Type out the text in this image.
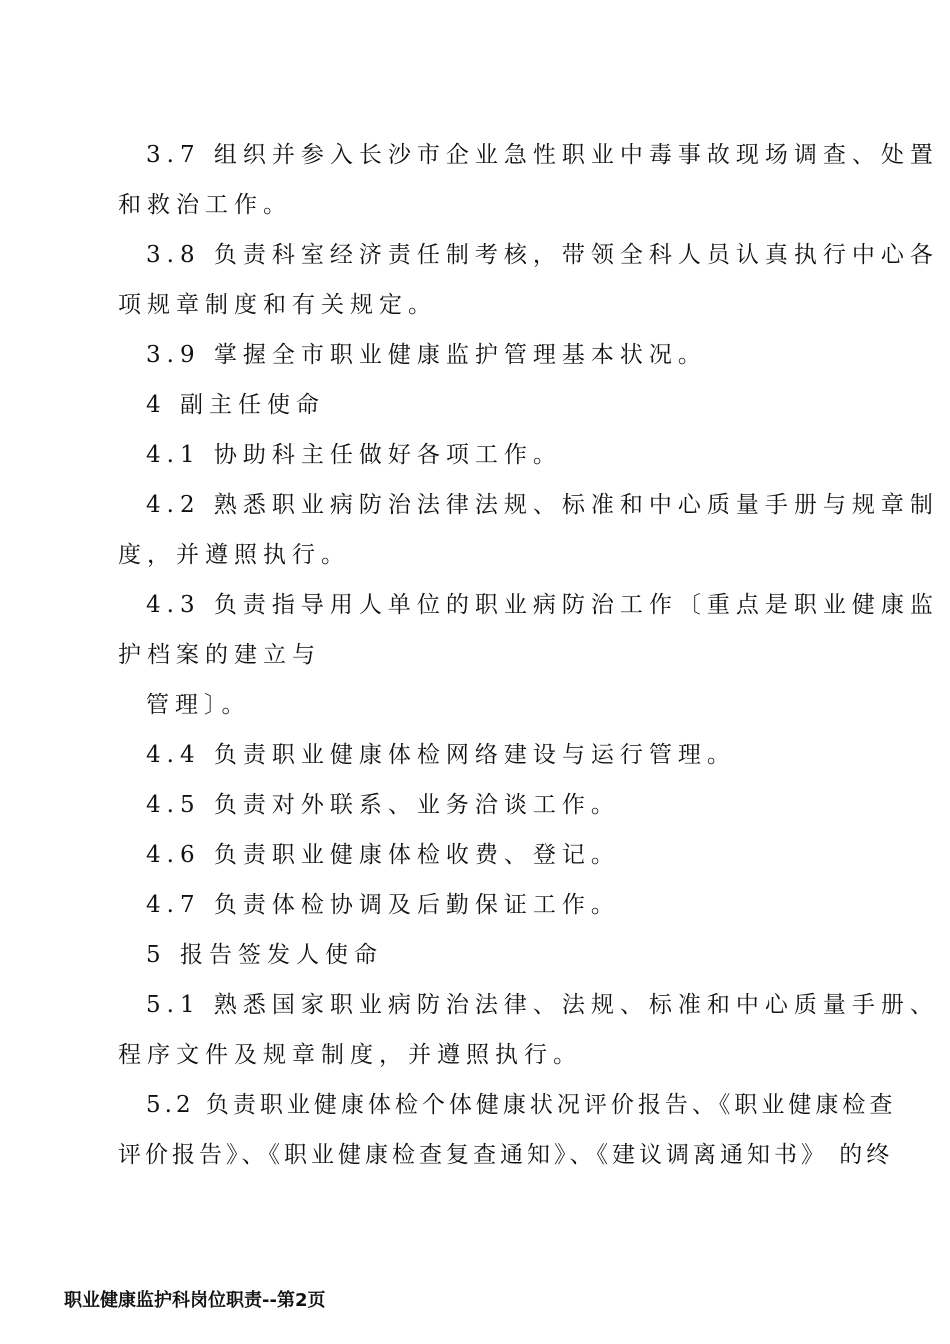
3.7 组织并参入长沙市企业急性职业中毒事故现场调查、处置
和救治工作。
3.8 负责科室经济责任制考核，带领全科人员认真执行中心各
项规章制度和有关规定。
3.9 掌握全市职业健康监护管理基本状况。
4 副主任使命
4.1 协助科主任做好各项工作。
4.2 熟悉职业病防治法律法规、标准和中心质量手册与规章制
度，并遵照执行。
4.3 负责指导用人单位的职业病防治工作〔重点是职业健康监
护档案的建立与
管理〕。
4.4 负责职业健康体检网络建设与运行管理。
4.5 负责对外联系、业务洽谈工作。
4.6 负责职业健康体检收费、登记。
4.7 负责体检协调及后勤保证工作。
5 报告签发人使命
5.1 熟悉国家职业病防治法律、法规、标准和中心质量手册、
程序文件及规章制度，并遵照执行。
5.2 负责职业健康体检个体健康状况评价报告、《职业健康检查
评价报告》、《职业健康检查复查通知》、《建议调离通知书》 的终
职业健康监护科岗位职责--第2页
